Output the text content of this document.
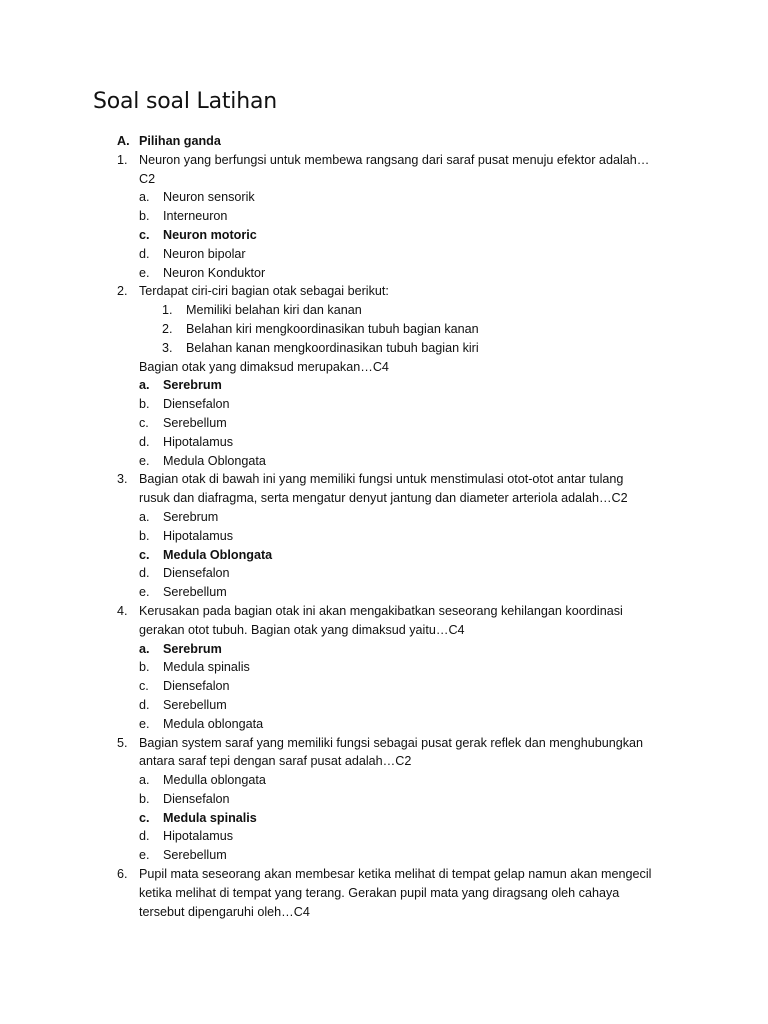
Soal soal Latihan
A. Pilihan ganda
1. Neuron yang berfungsi untuk membewa rangsang dari saraf pusat menuju efektor adalah…
C2
a. Neuron sensorik
b. Interneuron
c. Neuron motoric
d. Neuron bipolar
e. Neuron Konduktor
2. Terdapat ciri-ciri bagian otak sebagai berikut:
1. Memiliki belahan kiri dan kanan
2. Belahan kiri mengkoordinasikan tubuh bagian kanan
3. Belahan kanan mengkoordinasikan tubuh bagian kiri
Bagian otak yang dimaksud merupakan…C4
a. Serebrum
b. Diensefalon
c. Serebellum
d. Hipotalamus
e. Medula Oblongata
3. Bagian otak di bawah ini yang memiliki fungsi untuk menstimulasi otot-otot antar tulang
rusuk dan diafragma, serta mengatur denyut jantung dan diameter arteriola adalah…C2
a. Serebrum
b. Hipotalamus
c. Medula Oblongata
d. Diensefalon
e. Serebellum
4. Kerusakan pada bagian otak ini akan mengakibatkan seseorang kehilangan koordinasi
gerakan otot tubuh. Bagian otak yang dimaksud yaitu…C4
a. Serebrum
b. Medula spinalis
c. Diensefalon
d. Serebellum
e. Medula oblongata
5. Bagian system saraf yang memiliki fungsi sebagai pusat gerak reflek dan menghubungkan
antara saraf tepi dengan saraf pusat adalah…C2
a. Medulla oblongata
b. Diensefalon
c. Medula spinalis
d. Hipotalamus
e. Serebellum
6. Pupil mata seseorang akan membesar ketika melihat di tempat gelap namun akan mengecil
ketika melihat di tempat yang terang. Gerakan pupil mata yang diragsang oleh cahaya
tersebut dipengaruhi oleh…C4
